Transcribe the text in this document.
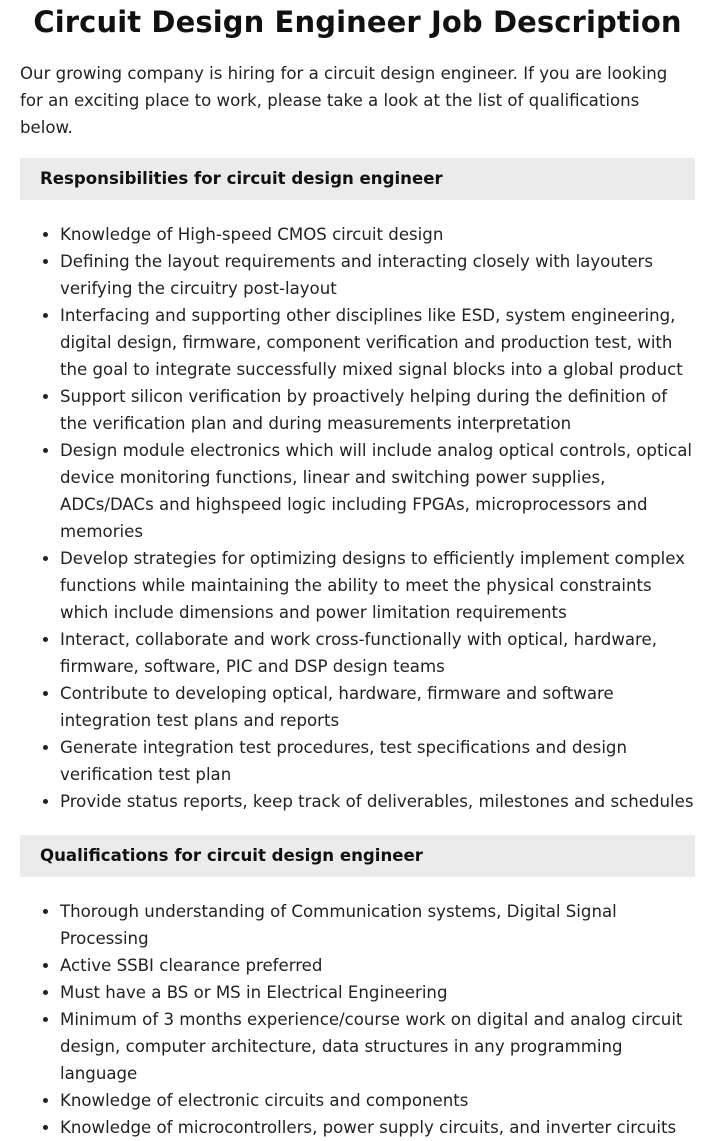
Circuit Design Engineer Job Description

Our growing company is hiring for a circuit design engineer. If you are looking for an exciting place to work, please take a look at the list of qualifications below.

Responsibilities for circuit design engineer
• Knowledge of High-speed CMOS circuit design
• Defining the layout requirements and interacting closely with layouters verifying the circuitry post-layout
• Interfacing and supporting other disciplines like ESD, system engineering, digital design, firmware, component verification and production test, with the goal to integrate successfully mixed signal blocks into a global product
• Support silicon verification by proactively helping during the definition of the verification plan and during measurements interpretation
• Design module electronics which will include analog optical controls, optical device monitoring functions, linear and switching power supplies, ADCs/DACs and highspeed logic including FPGAs, microprocessors and memories
• Develop strategies for optimizing designs to efficiently implement complex functions while maintaining the ability to meet the physical constraints which include dimensions and power limitation requirements
• Interact, collaborate and work cross-functionally with optical, hardware, firmware, software, PIC and DSP design teams
• Contribute to developing optical, hardware, firmware and software integration test plans and reports
• Generate integration test procedures, test specifications and design verification test plan
• Provide status reports, keep track of deliverables, milestones and schedules
Qualifications for circuit design engineer
• Thorough understanding of Communication systems, Digital Signal Processing
• Active SSBI clearance preferred
• Must have a BS or MS in Electrical Engineering
• Minimum of 3 months experience/course work on digital and analog circuit design, computer architecture, data structures in any programming language
• Knowledge of electronic circuits and components
• Knowledge of microcontrollers, power supply circuits, and inverter circuits
